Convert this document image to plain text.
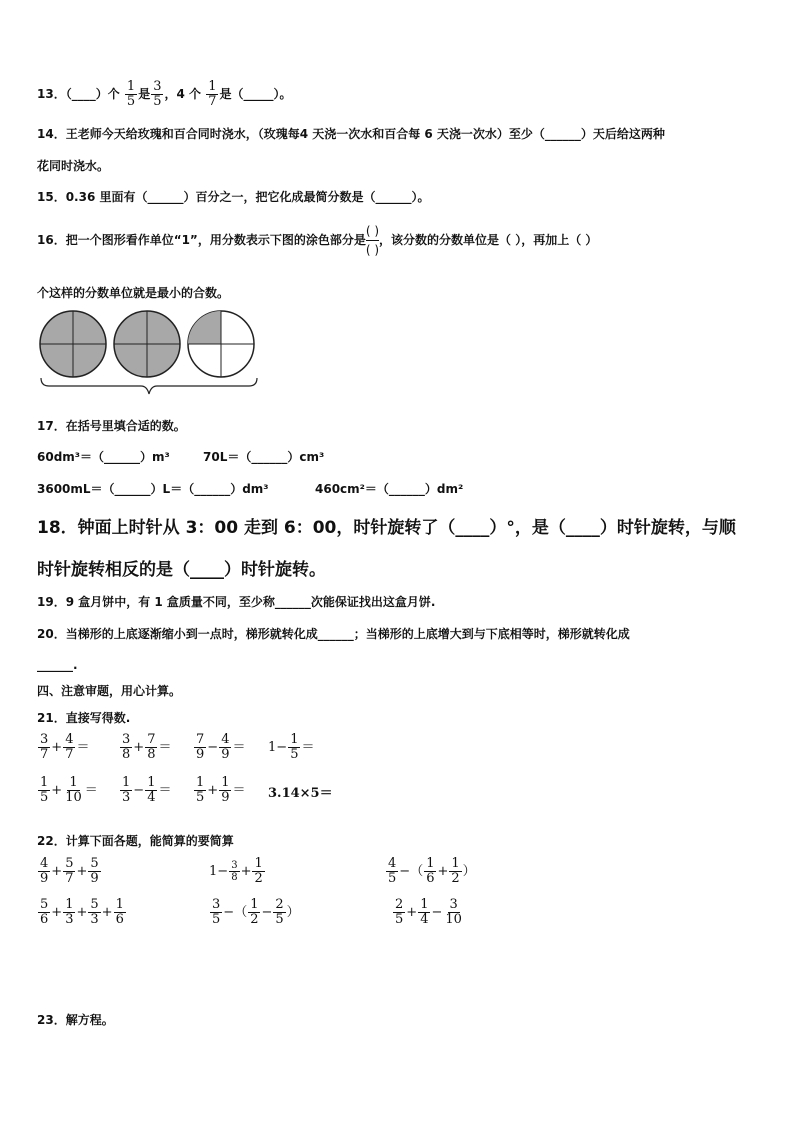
13．（____）个 $\frac{1}{5}$ 是 $\frac{3}{5}$ ，4 个 $\frac{1}{7}$ 是（_____）。
14．王老师今天给玫瑰和百合同时浇水，（玫瑰每4 天浇一次水和百合每 6 天浇一次水）至少（______）天后给这两种
花同时浇水。
15．0.36 里面有（______）百分之一，把它化成最简分数是（______）。
16．把一个图形看作单位“1”，用分数表示下图的涂色部分是
( )
( )
，该分数的分数单位是（ ），再加上（ ）
个这样的分数单位就是最小的合数。
17．在括号里填合适的数。
60dm³＝（______）m³	70L＝（______）cm³
3600mL＝（______）L＝（______）dm³	460cm²＝（______）dm²
18．钟面上时针从 3：00 走到 6：00，时针旋转了（____）°，是（____）时针旋转，与顺
时针旋转相反的是（____）时针旋转。
19．9 盒月饼中，有 1 盒质量不同，至少称______次能保证找出这盒月饼.
20．当梯形的上底逐渐缩小到一点时，梯形就转化成______；当梯形的上底增大到与下底相等时，梯形就转化成
______.
四、注意审题，用心计算。
21．直接写得数.
$\frac{3}{7} + \frac{4}{7} = \frac{3}{8} + \frac{7}{8} = \frac{7}{9} - \frac{4}{9} = 1- \frac{1}{5}$ ＝
$\frac{1}{5} + \frac{1}{10} = \frac{1}{3} - \frac{1}{4} = \frac{1}{5} + \frac{1}{9} = 3.14\times 5=$
22．计算下面各题，能简算的要简算
$\frac{4}{9} + \frac{5}{7} + \frac{5}{9}$	$1- \frac{3}{8} + \frac{1}{2}$	$\frac{4}{5}$ −（ $\frac{1}{6} + \frac{1}{2}$ ）
$\frac{5}{6} + \frac{1}{3} + \frac{5}{3} + \frac{1}{6}$	$\frac{3}{5}$ −（ $\frac{1}{2} - \frac{2}{5}$ ）	$\frac{2}{5} + \frac{1}{4} - \frac{3}{10}$
23．解方程。
